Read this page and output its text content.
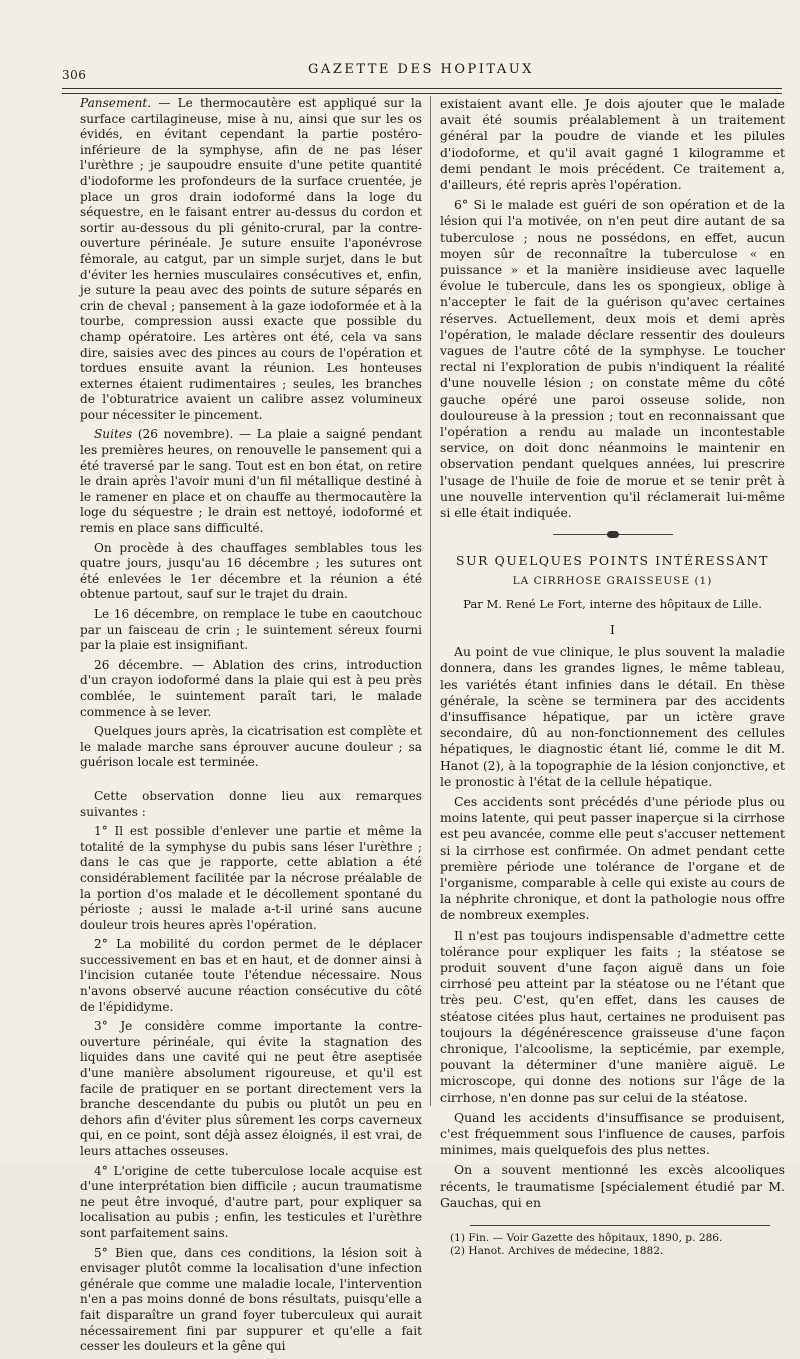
306	GAZETTE DES HOPITAUX

Pansement. — Le thermocautère est appliqué sur la surface cartilagineuse, mise à nu, ainsi que sur les os évidés, en évitant cependant la partie postéro-inférieure de la symphyse, afin de ne pas léser l'urèthre ; je saupoudre ensuite d'une petite quantité d'iodoforme les profondeurs de la surface cruentée, je place un gros drain iodoformé dans la loge du séquestre, en le faisant entrer au-dessus du cordon et sortir au-dessous du pli génito-crural, par la contre-ouverture périnéale. Je suture ensuite l'aponévrose fémorale, au catgut, par un simple surjet, dans le but d'éviter les hernies musculaires consécutives et, enfin, je suture la peau avec des points de suture séparés en crin de cheval ; pansement à la gaze iodoformée et à la tourbe, compression aussi exacte que possible du champ opératoire. Les artères ont été, cela va sans dire, saisies avec des pinces au cours de l'opération et tordues ensuite avant la réunion. Les honteuses externes étaient rudimentaires ; seules, les branches de l'obturatrice avaient un calibre assez volumineux pour nécessiter le pincement.

Suites (26 novembre). — La plaie a saigné pendant les premières heures, on renouvelle le pansement qui a été traversé par le sang. Tout est en bon état, on retire le drain après l'avoir muni d'un fil métallique destiné à le ramener en place et on chauffe au thermocautère la loge du séquestre ; le drain est nettoyé, iodoformé et remis en place sans difficulté.

On procède à des chauffages semblables tous les quatre jours, jusqu'au 16 décembre ; les sutures ont été enlevées le 1er décembre et la réunion a été obtenue partout, sauf sur le trajet du drain.

Le 16 décembre, on remplace le tube en caoutchouc par un faisceau de crin ; le suintement séreux fourni par la plaie est insignifiant.

26 décembre. — Ablation des crins, introduction d'un crayon iodoformé dans la plaie qui est à peu près comblée, le suintement paraît tari, le malade commence à se lever.

Quelques jours après, la cicatrisation est complète et le malade marche sans éprouver aucune douleur ; sa guérison locale est terminée.

Cette observation donne lieu aux remarques suivantes :

1° Il est possible d'enlever une partie et même la totalité de la symphyse du pubis sans léser l'urèthre ; dans le cas que je rapporte, cette ablation a été considérablement facilitée par la nécrose préalable de la portion d'os malade et le décollement spontané du périoste ; aussi le malade a-t-il uriné sans aucune douleur trois heures après l'opération.

2° La mobilité du cordon permet de le déplacer successivement en bas et en haut, et de donner ainsi à l'incision cutanée toute l'étendue nécessaire. Nous n'avons observé aucune réaction consécutive du côté de l'épididyme.

3° Je considère comme importante la contre-ouverture périnéale, qui évite la stagnation des liquides dans une cavité qui ne peut être aseptisée d'une manière absolument rigoureuse, et qu'il est facile de pratiquer en se portant directement vers la branche descendante du pubis ou plutôt un peu en dehors afin d'éviter plus sûrement les corps caverneux qui, en ce point, sont déjà assez éloignés, il est vrai, de leurs attaches osseuses.

4° L'origine de cette tuberculose locale acquise est d'une interprétation bien difficile ; aucun traumatisme ne peut être invoqué, d'autre part, pour expliquer sa localisation au pubis ; enfin, les testicules et l'urèthre sont parfaitement sains.

5° Bien que, dans ces conditions, la lésion soit à envisager plutôt comme la localisation d'une infection générale que comme une maladie locale, l'intervention n'en a pas moins donné de bons résultats, puisqu'elle a fait disparaître un grand foyer tuberculeux qui aurait nécessairement fini par suppurer et qu'elle a fait cesser les douleurs et la gêne qui

existaient avant elle. Je dois ajouter que le malade avait été soumis préalablement à un traitement général par la poudre de viande et les pilules d'iodoforme, et qu'il avait gagné 1 kilogramme et demi pendant le mois précédent. Ce traitement a, d'ailleurs, été repris après l'opération.

6° Si le malade est guéri de son opération et de la lésion qui l'a motivée, on n'en peut dire autant de sa tuberculose ; nous ne possédons, en effet, aucun moyen sûr de reconnaître la tuberculose « en puissance » et la manière insidieuse avec laquelle évolue le tubercule, dans les os spongieux, oblige à n'accepter le fait de la guérison qu'avec certaines réserves. Actuellement, deux mois et demi après l'opération, le malade déclare ressentir des douleurs vagues de l'autre côté de la symphyse. Le toucher rectal ni l'exploration de pubis n'indiquent la réalité d'une nouvelle lésion ; on constate même du côté gauche opéré une paroi osseuse solide, non douloureuse à la pression ; tout en reconnaissant que l'opération a rendu au malade un incontestable service, on doit donc néanmoins le maintenir en observation pendant quelques années, lui prescrire l'usage de l'huile de foie de morue et se tenir prêt à une nouvelle intervention qu'il réclamerait lui-même si elle était indiquée.

SUR QUELQUES POINTS INTÉRESSANT
LA CIRRHOSE GRAISSEUSE (1)
Par M. René Le Fort, interne des hôpitaux de Lille.
I

Au point de vue clinique, le plus souvent la maladie donnera, dans les grandes lignes, le même tableau, les variétés étant infinies dans le détail. En thèse générale, la scène se terminera par des accidents d'insuffisance hépatique, par un ictère grave secondaire, dû au non-fonctionnement des cellules hépatiques, le diagnostic étant lié, comme le dit M. Hanot (2), à la topographie de la lésion conjonctive, et le pronostic à l'état de la cellule hépatique.

Ces accidents sont précédés d'une période plus ou moins latente, qui peut passer inaperçue si la cirrhose est peu avancée, comme elle peut s'accuser nettement si la cirrhose est confirmée. On admet pendant cette première période une tolérance de l'organe et de l'organisme, comparable à celle qui existe au cours de la néphrite chronique, et dont la pathologie nous offre de nombreux exemples.

Il n'est pas toujours indispensable d'admettre cette tolérance pour expliquer les faits ; la stéatose se produit souvent d'une façon aiguë dans un foie cirrhosé peu atteint par la stéatose ou ne l'étant que très peu. C'est, qu'en effet, dans les causes de stéatose citées plus haut, certaines ne produisent pas toujours la dégénérescence graisseuse d'une façon chronique, l'alcoolisme, la septicémie, par exemple, pouvant la déterminer d'une manière aiguë. Le microscope, qui donne des notions sur l'âge de la cirrhose, n'en donne pas sur celui de la stéatose.

Quand les accidents d'insuffisance se produisent, c'est fréquemment sous l'influence de causes, parfois minimes, mais quelquefois des plus nettes.

On a souvent mentionné les excès alcooliques récents, le traumatisme [spécialement étudié par M. Gauchas, qui en

(1) Fin. — Voir Gazette des hôpitaux, 1890, p. 286.

(2) Hanot. Archives de médecine, 1882.
